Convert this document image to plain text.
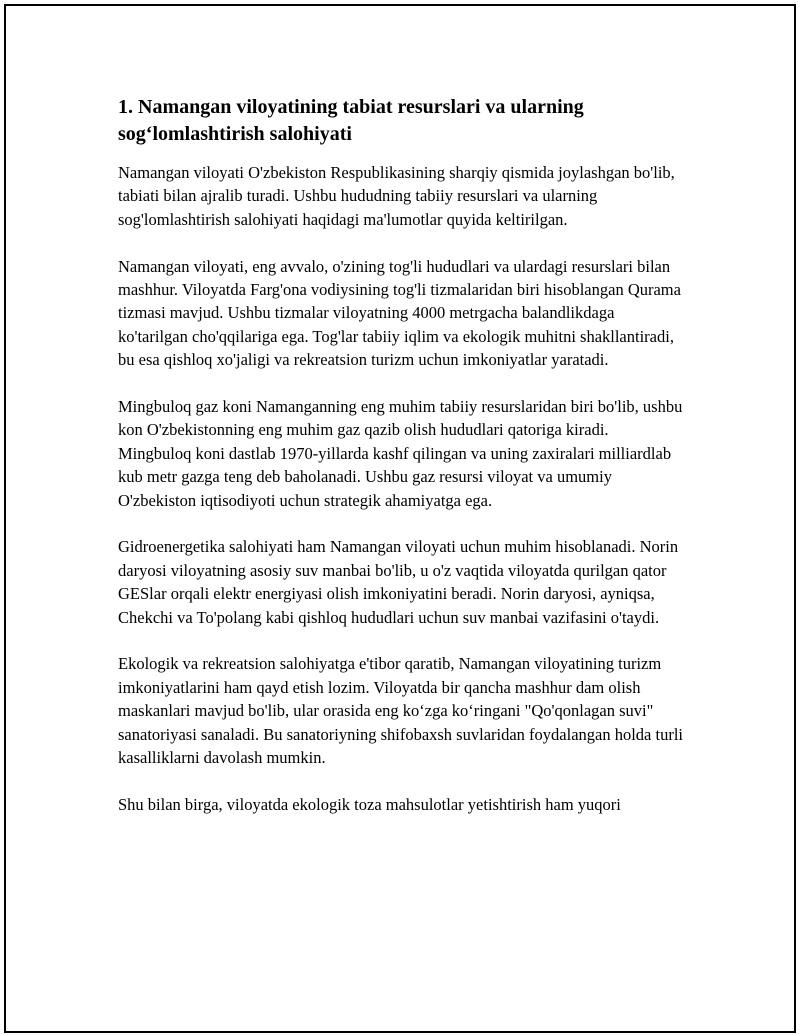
1. Namangan viloyatining tabiat resurslari va ularning sog‘lomlashtirish salohiyati

Namangan viloyati O'zbekiston Respublikasining sharqiy qismida joylashgan bo'lib, tabiati bilan ajralib turadi. Ushbu hududning tabiiy resurslari va ularning sog'lomlashtirish salohiyati haqidagi ma'lumotlar quyida keltirilgan.

Namangan viloyati, eng avvalo, o'zining tog'li hududlari va ulardagi resurslari bilan mashhur. Viloyatda Farg'ona vodiysining tog'li tizmalaridan biri hisoblangan Qurama tizmasi mavjud. Ushbu tizmalar viloyatning 4000 metrgacha balandlikdaga ko'tarilgan cho'qqilariga ega. Tog'lar tabiiy iqlim va ekologik muhitni shakllantiradi, bu esa qishloq xo'jaligi va rekreatsion turizm uchun imkoniyatlar yaratadi.

Mingbuloq gaz koni Namanganning eng muhim tabiiy resurslaridan biri bo'lib, ushbu kon O'zbekistonning eng muhim gaz qazib olish hududlari qatoriga kiradi. Mingbuloq koni dastlab 1970-yillarda kashf qilingan va uning zaxiralari milliardlab kub metr gazga teng deb baholanadi. Ushbu gaz resursi viloyat va umumiy O'zbekiston iqtisodiyoti uchun strategik ahamiyatga ega.

Gidroenergetika salohiyati ham Namangan viloyati uchun muhim hisoblanadi. Norin daryosi viloyatning asosiy suv manbai bo'lib, u o'z vaqtida viloyatda qurilgan qator GESlar orqali elektr energiyasi olish imkoniyatini beradi. Norin daryosi, ayniqsa, Chekchi va To'polang kabi qishloq hududlari uchun suv manbai vazifasini o'taydi.

Ekologik va rekreatsion salohiyatga e'tibor qaratib, Namangan viloyatining turizm imkoniyatlarini ham qayd etish lozim. Viloyatda bir qancha mashhur dam olish maskanlari mavjud bo'lib, ular orasida eng ko‘zga ko‘ringani "Qo'qonlagan suvi" sanatoriyasi sanaladi. Bu sanatoriyning shifobaxsh suvlaridan foydalangan holda turli kasalliklarni davolash mumkin.

Shu bilan birga, viloyatda ekologik toza mahsulotlar yetishtirish ham yuqori
